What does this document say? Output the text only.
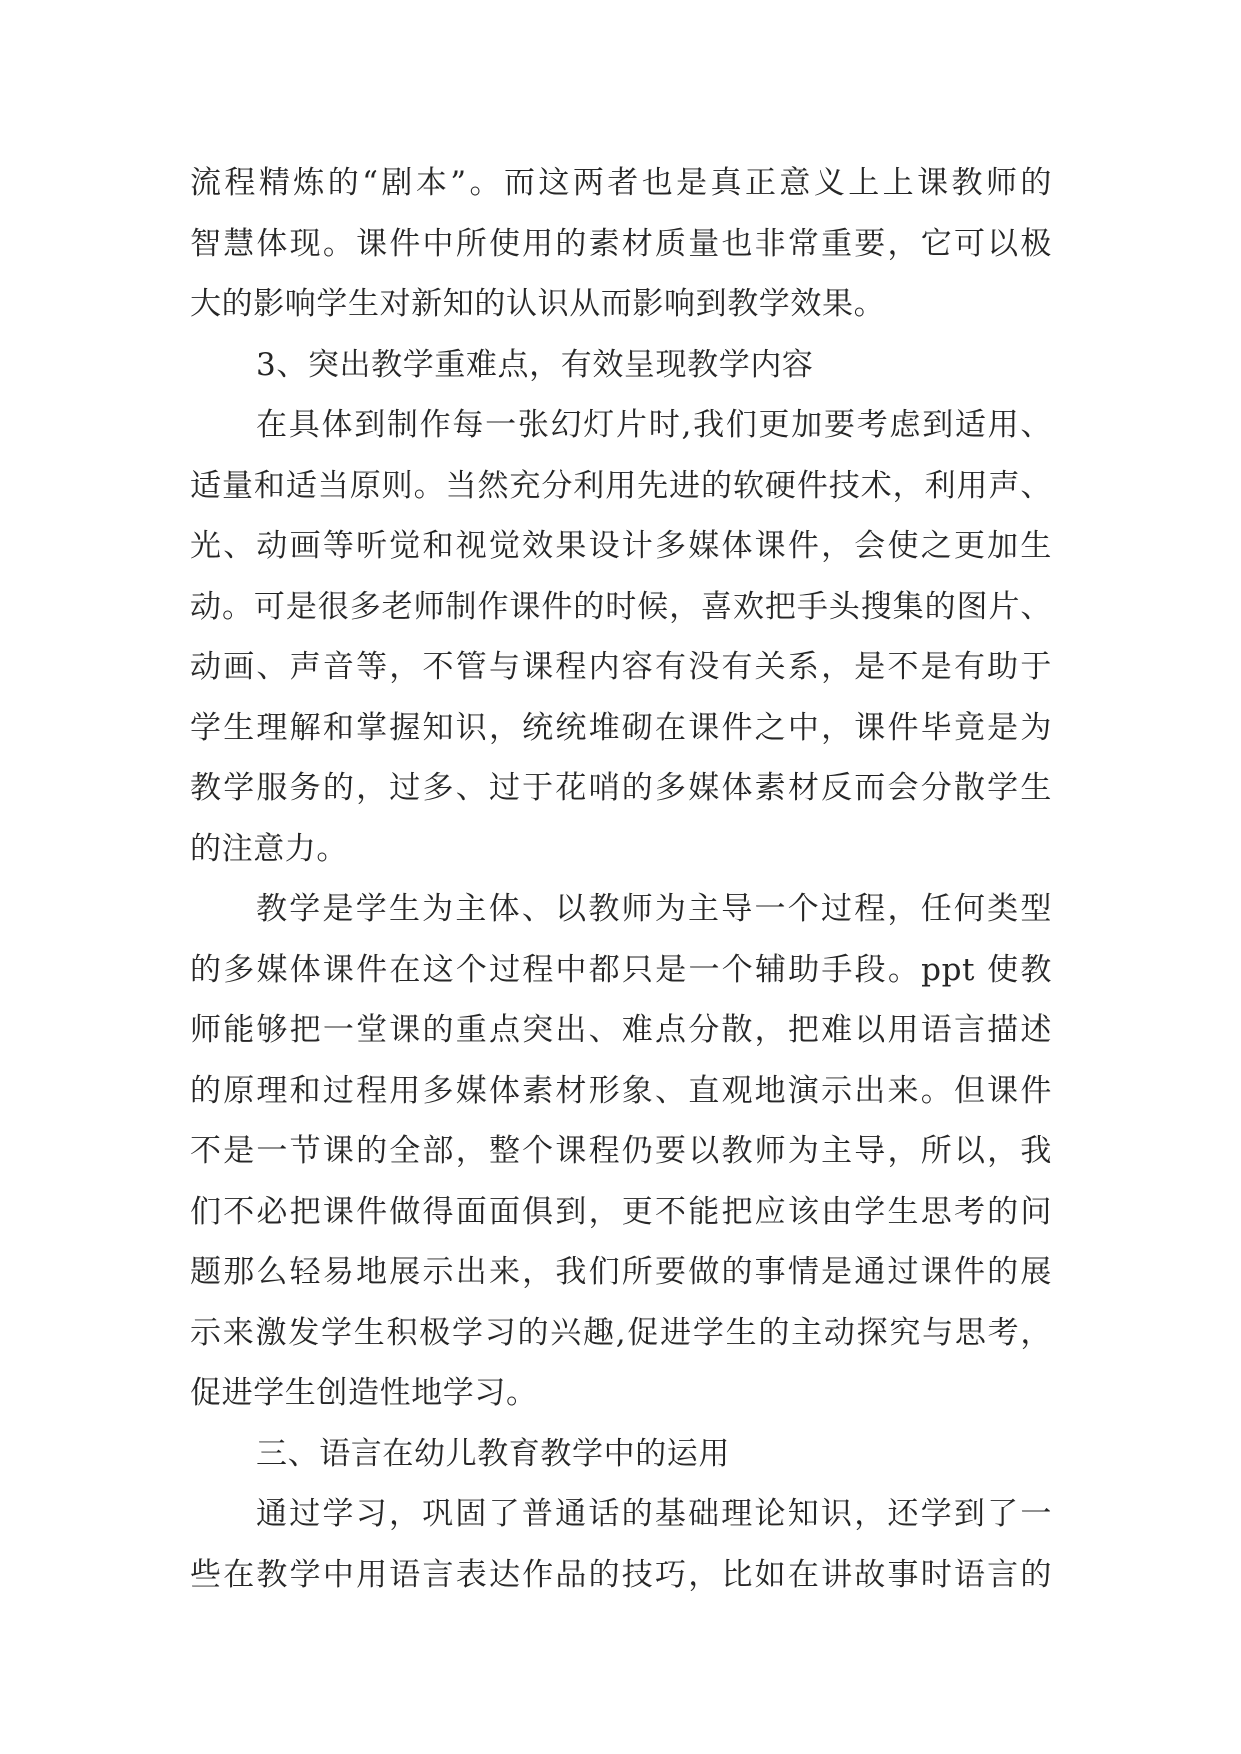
流程精炼的“剧本”。而这两者也是真正意义上上课教师的
智慧体现。课件中所使用的素材质量也非常重要，它可以极
大的影响学生对新知的认识从而影响到教学效果。
3、突出教学重难点，有效呈现教学内容
在具体到制作每一张幻灯片时,我们更加要考虑到适用、
适量和适当原则。当然充分利用先进的软硬件技术，利用声、
光、动画等听觉和视觉效果设计多媒体课件，会使之更加生
动。可是很多老师制作课件的时候，喜欢把手头搜集的图片、
动画、声音等，不管与课程内容有没有关系，是不是有助于
学生理解和掌握知识，统统堆砌在课件之中，课件毕竟是为
教学服务的，过多、过于花哨的多媒体素材反而会分散学生
的注意力。
教学是学生为主体、以教师为主导一个过程，任何类型
的多媒体课件在这个过程中都只是一个辅助手段。ppt 使教
师能够把一堂课的重点突出、难点分散，把难以用语言描述
的原理和过程用多媒体素材形象、直观地演示出来。但课件
不是一节课的全部，整个课程仍要以教师为主导，所以，我
们不必把课件做得面面俱到，更不能把应该由学生思考的问
题那么轻易地展示出来，我们所要做的事情是通过课件的展
示来激发学生积极学习的兴趣,促进学生的主动探究与思考，
促进学生创造性地学习。
三、语言在幼儿教育教学中的运用
通过学习，巩固了普通话的基础理论知识，还学到了一
些在教学中用语言表达作品的技巧，比如在讲故事时语言的
